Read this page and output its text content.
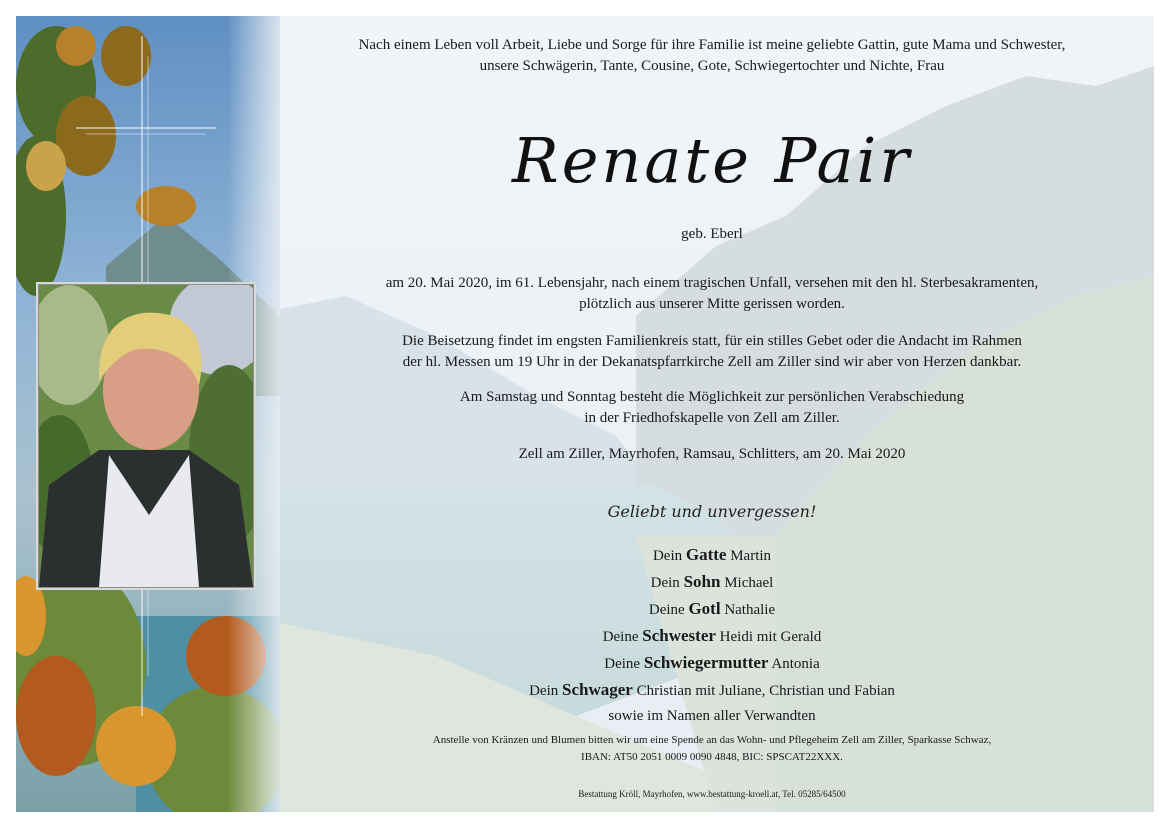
Nach einem Leben voll Arbeit, Liebe und Sorge für ihre Familie ist meine geliebte Gattin, gute Mama und Schwester,
unsere Schwägerin, Tante, Cousine, Gote, Schwiegertochter und Nichte, Frau
Renate Pair
geb. Eberl
am 20. Mai 2020, im 61. Lebensjahr, nach einem tragischen Unfall, versehen mit den hl. Sterbesakramenten,
plötzlich aus unserer Mitte gerissen worden.
Die Beisetzung findet im engsten Familienkreis statt, für ein stilles Gebet oder die Andacht im Rahmen
der hl. Messen um 19 Uhr in der Dekanatspfarrkirche Zell am Ziller sind wir aber von Herzen dankbar.
Am Samstag und Sonntag besteht die Möglichkeit zur persönlichen Verabschiedung
in der Friedhofskapelle von Zell am Ziller.
Zell am Ziller, Mayrhofen, Ramsau, Schlitters, am 20. Mai 2020
Geliebt und unvergessen!
Dein Gatte Martin
Dein Sohn Michael
Deine Gotl Nathalie
Deine Schwester Heidi mit Gerald
Deine Schwiegermutter Antonia
Dein Schwager Christian mit Juliane, Christian und Fabian
sowie im Namen aller Verwandten
Anstelle von Kränzen und Blumen bitten wir um eine Spende an das Wohn- und Pflegeheim Zell am Ziller, Sparkasse Schwaz,
IBAN: AT50 2051 0009 0090 4848, BIC: SPSCAT22XXX.
Bestattung Kröll, Mayrhofen, www.bestattung-kroell.at, Tel. 05285/64500
